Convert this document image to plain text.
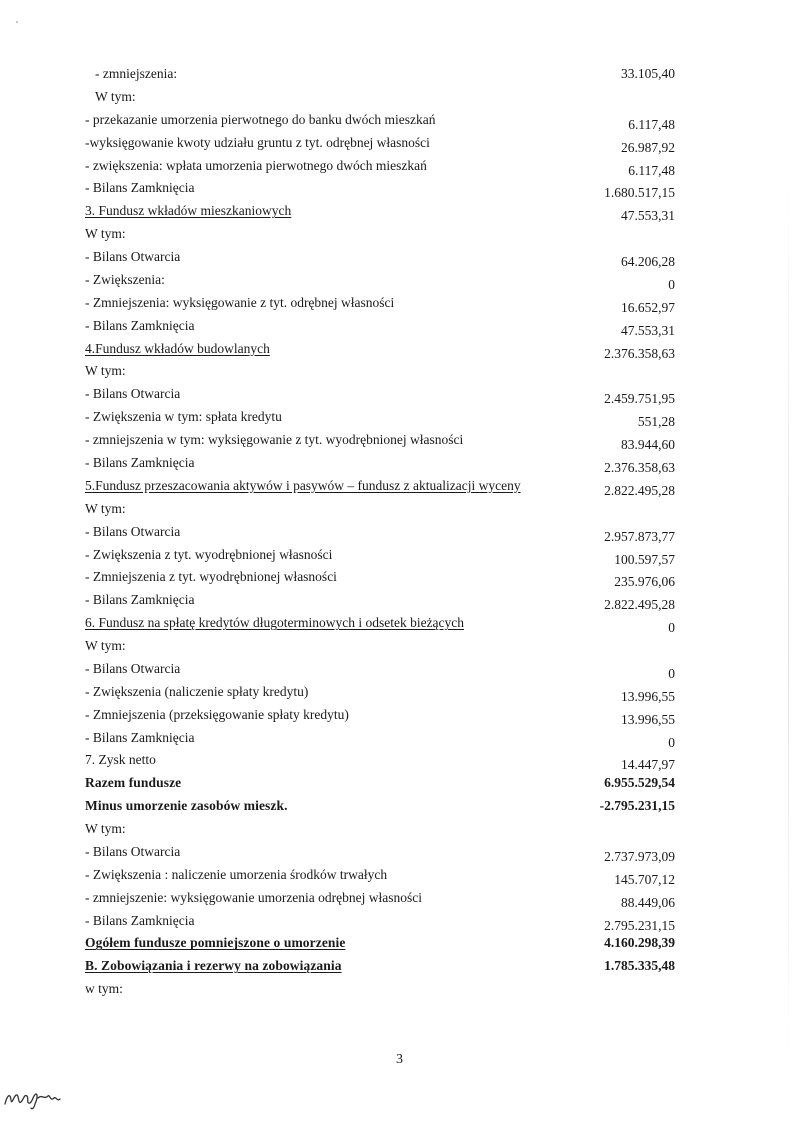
- zmniejszenia:	33.105,40
W tym:
- przekazanie umorzenia pierwotnego do banku dwóch mieszkań	6.117,48
-wyksięgowanie kwoty udziału gruntu z tyt. odrębnej własności	26.987,92
- zwiększenia: wpłata umorzenia pierwotnego dwóch mieszkań	6.117,48
- Bilans Zamknięcia	1.680.517,15
3. Fundusz wkładów mieszkaniowych	47.553,31
W tym:
- Bilans Otwarcia	64.206,28
- Zwiększenia:	0
- Zmniejszenia: wyksięgowanie z tyt. odrębnej własności	16.652,97
- Bilans Zamknięcia	47.553,31
4.Fundusz wkładów budowlanych	2.376.358,63
W tym:
- Bilans Otwarcia	2.459.751,95
- Zwiększenia w tym: spłata kredytu	551,28
- zmniejszenia w tym: wyksięgowanie z tyt. wyodrębnionej własności	83.944,60
- Bilans Zamknięcia	2.376.358,63
5.Fundusz przeszacowania aktywów i pasywów – fundusz z aktualizacji wyceny	2.822.495,28
W tym:
- Bilans Otwarcia	2.957.873,77
- Zwiększenia z tyt. wyodrębnionej własności	100.597,57
- Zmniejszenia z tyt. wyodrębnionej własności	235.976,06
- Bilans Zamknięcia	2.822.495,28
6. Fundusz na spłatę kredytów długoterminowych i odsetek bieżących	0
W tym:
- Bilans Otwarcia	0
- Zwiększenia (naliczenie spłaty kredytu)	13.996,55
- Zmniejszenia (przeksięgowanie spłaty kredytu)	13.996,55
- Bilans Zamknięcia	0
7. Zysk netto	14.447,97
Razem fundusze	6.955.529,54
Minus umorzenie zasobów mieszk.	-2.795.231,15
W tym:
- Bilans Otwarcia	2.737.973,09
- Zwiększenia : naliczenie umorzenia środków trwałych	145.707,12
- zmniejszenie: wyksięgowanie umorzenia odrębnej własności	88.449,06
- Bilans Zamknięcia	2.795.231,15
Ogółem fundusze pomniejszone o umorzenie	4.160.298,39
B. Zobowiązania i rezerwy na zobowiązania	1.785.335,48
w tym:
3
